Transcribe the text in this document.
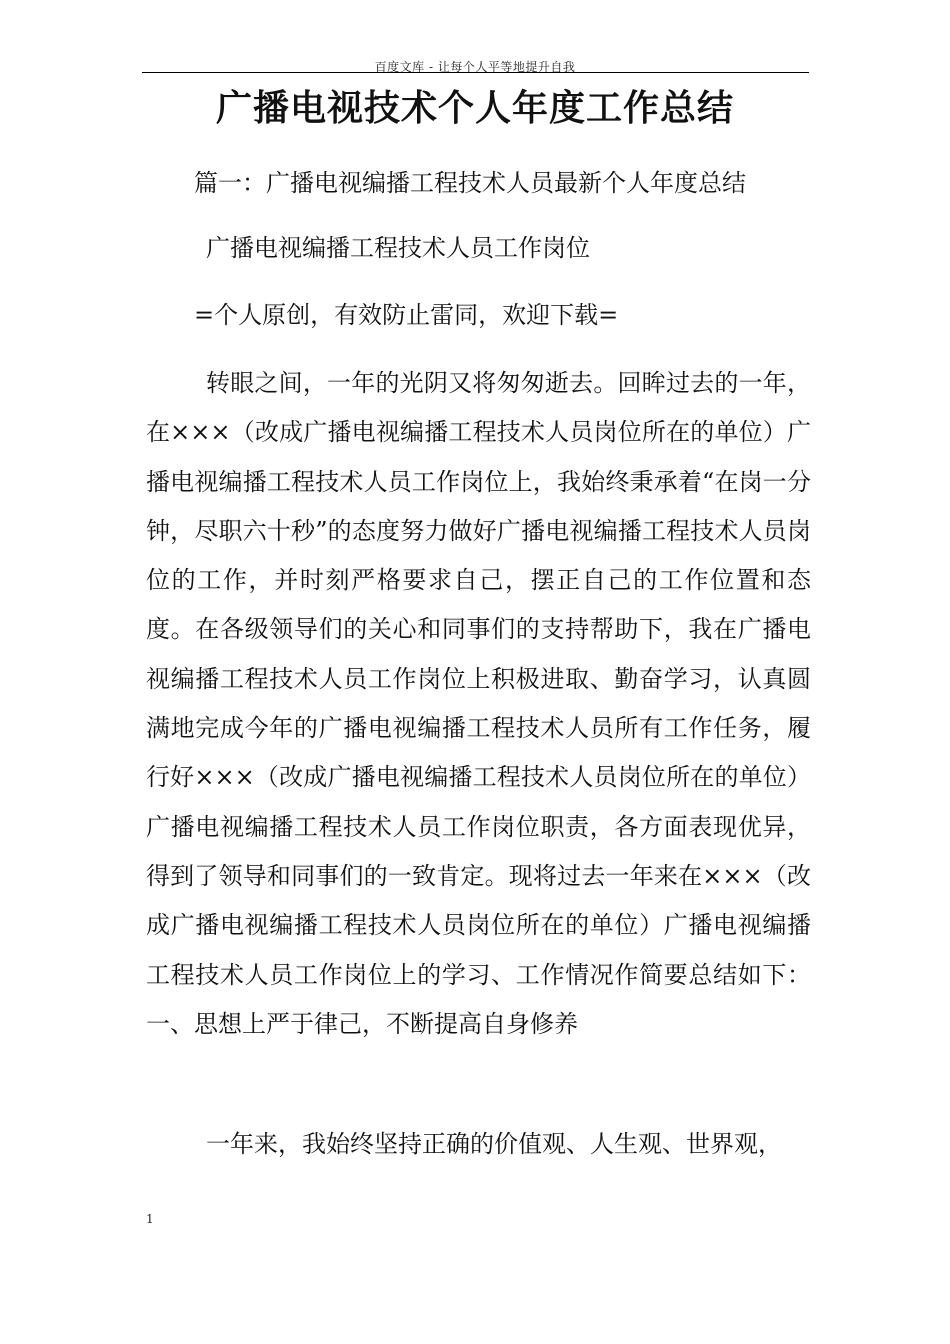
百度文库 - 让每个人平等地提升自我
广播电视技术个人年度工作总结

篇一：广播电视编播工程技术人员最新个人年度总结

广播电视编播工程技术人员工作岗位

=个人原创，有效防止雷同，欢迎下载=

转眼之间，一年的光阴又将匆匆逝去。回眸过去的一年，在×××（改成广播电视编播工程技术人员岗位所在的单位）广播电视编播工程技术人员工作岗位上，我始终秉承着“在岗一分钟，尽职六十秒”的态度努力做好广播电视编播工程技术人员岗位的工作，并时刻严格要求自己，摆正自己的工作位置和态度。在各级领导们的关心和同事们的支持帮助下，我在广播电视编播工程技术人员工作岗位上积极进取、勤奋学习，认真圆满地完成今年的广播电视编播工程技术人员所有工作任务，履行好×××（改成广播电视编播工程技术人员岗位所在的单位）广播电视编播工程技术人员工作岗位职责，各方面表现优异，得到了领导和同事们的一致肯定。现将过去一年来在×××（改成广播电视编播工程技术人员岗位所在的单位）广播电视编播工程技术人员工作岗位上的学习、工作情况作简要总结如下：一、思想上严于律己，不断提高自身修养

一年来，我始终坚持正确的价值观、人生观、世界观，

1
